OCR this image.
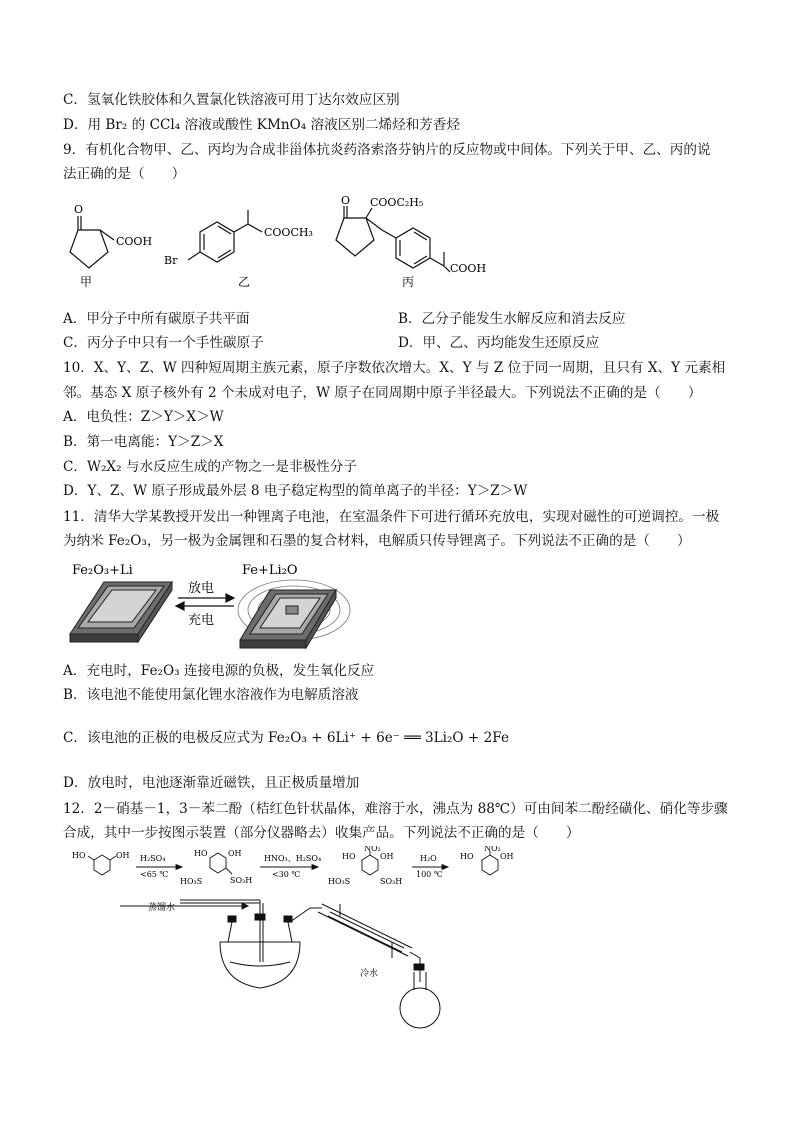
C．氢氧化铁胶体和久置氯化铁溶液可用丁达尔效应区别
D．用 Br₂ 的 CCl₄ 溶液或酸性 KMnO₄ 溶液区别二烯烃和芳香烃
9．有机化合物甲、乙、丙均为合成非甾体抗炎药洛索洛芬钠片的反应物或中间体。下列关于甲、乙、丙的说
法正确的是（　　）
O
COOH
甲
Br
COOCH₃
乙
O COOC₂H₅
COOH
丙
A．甲分子中所有碳原子共平面	B．乙分子能发生水解反应和消去反应
C．丙分子中只有一个手性碳原子	D．甲、乙、丙均能发生还原反应
10．X、Y、Z、W 四种短周期主族元素，原子序数依次增大。X、Y 与 Z 位于同一周期，且只有 X、Y 元素相
邻。基态 X 原子核外有 2 个未成对电子，W 原子在同周期中原子半径最大。下列说法不正确的是（　　）
A．电负性：Z＞Y＞X＞W
B．第一电离能：Y＞Z＞X
C．W₂X₂ 与水反应生成的产物之一是非极性分子
D．Y、Z、W 原子形成最外层 8 电子稳定构型的简单离子的半径：Y＞Z＞W
11．清华大学某教授开发出一种锂离子电池，在室温条件下可进行循环充放电，实现对磁性的可逆调控。一极
为纳米 Fe₂O₃，另一极为金属锂和石墨的复合材料，电解质只传导锂离子。下列说法不正确的是（　　）
Fe₂O₃+Li	Fe+Li₂O
放电
充电
A．充电时，Fe₂O₃ 连接电源的负极，发生氧化反应
B．该电池不能使用氯化锂水溶液作为电解质溶液
C．该电池的正极的电极反应式为 Fe₂O₃ + 6Li⁺ + 6e⁻ ══ 3Li₂O + 2Fe
D．放电时，电池逐渐靠近磁铁，且正极质量增加
12．2－硝基－1，3－苯二酚（桔红色针状晶体，难溶于水，沸点为 88℃）可由间苯二酚经磺化、硝化等步骤
合成，其中一步按图示装置（部分仪器略去）收集产品。下列说法不正确的是（　　）
HO	OH H₂SO₄
<65 ℃
HO	OH
HO₃S	SO₃H
HNO₃、H₂SO₄
<30 ℃
NO₂
HO	OH
HO₃S	SO₃H
H₂O
100 ℃
NO₂
HO	OH
蒸馏水
冷水
